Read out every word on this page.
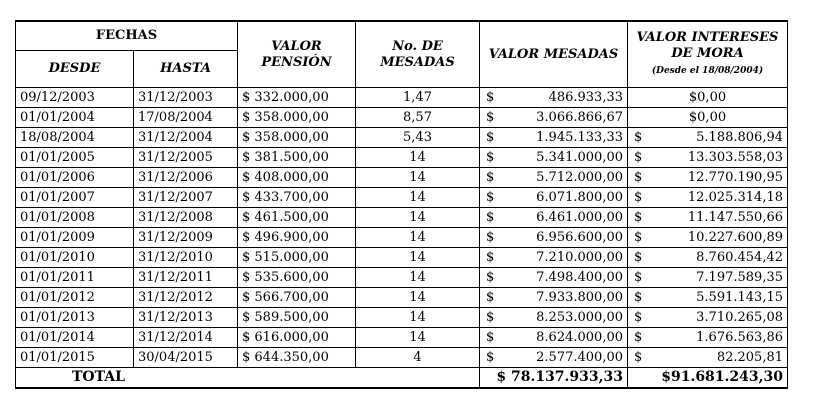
FECHAS		VALOR PENSIÓN	No. DE MESADAS	VALOR MESADAS	VALOR INTERESES DE MORA (Desde el 18/08/2004)
DESDE	HASTA				
09/12/2003	31/12/2003	$ 332.000,00	1,47	$ 486.933,33	$0,00
01/01/2004	17/08/2004	$ 358.000,00	8,57	$ 3.066.866,67	$0,00
18/08/2004	31/12/2004	$ 358.000,00	5,43	$ 1.945.133,33	$ 5.188.806,94

01/01/2005	31/12/2005	$ 381.500,00	14	$ 5.341.000,00	$ 13.303.558,03

01/01/2006	31/12/2006	$ 408.000,00	14	$ 5.712.000,00	$ 12.770.190,95

01/01/2007	31/12/2007	$ 433.700,00	14	$ 6.071.800,00	$ 12.025.314,18

01/01/2008	31/12/2008	$ 461.500,00	14	$ 6.461.000,00	$ 11.147.550,66

01/01/2009	31/12/2009	$ 496.900,00	14	$ 6.956.600,00	$ 10.227.600,89

01/01/2010	31/12/2010	$ 515.000,00	14	$ 7.210.000,00	$ 8.760.454,42

01/01/2011	31/12/2011	$ 535.600,00	14	$ 7.498.400,00	$ 7.197.589,35

01/01/2012	31/12/2012	$ 566.700,00	14	$ 7.933.800,00	$ 5.591.143,15

01/01/2013	31/12/2013	$ 589.500,00	14	$ 8.253.000,00	$ 3.710.265,08

01/01/2014	31/12/2014	$ 616.000,00	14	$ 8.624.000,00	$ 1.676.563,86

01/01/2015	30/04/2015	$ 644.350,00	4	$ 2.577.400,00	$ 82.205,81

TOTAL				$ 78.137.933,33	$91.681.243,30
